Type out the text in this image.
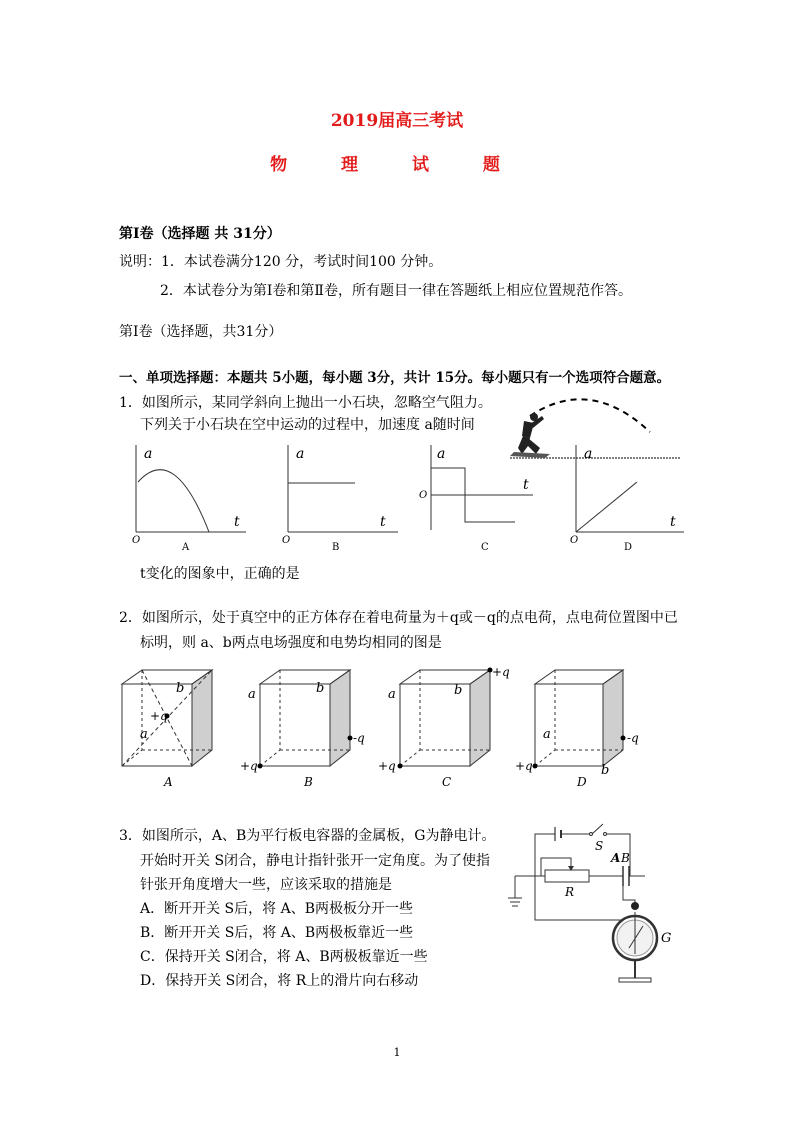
2019届高三考试
物 理 试 题
第Ⅰ卷（选择题 共 31分）
说明：1．本试卷满分120 分，考试时间100 分钟。
2．本试卷分为第Ⅰ卷和第Ⅱ卷，所有题目一律在答题纸上相应位置规范作答。
第Ⅰ卷（选择题，共31分）
一、单项选择题：本题共 5小题，每小题 3分，共计 15分。每小题只有一个选项符合题意。
1．如图所示，某同学斜向上抛出一小石块，忽略空气阻力。
下列关于小石块在空中运动的过程中，加速度 a随时间
a
t
O
A
a
t
O
B
a
t
O
C
a
t
O
D
t变化的图象中，正确的是
2．如图所示，处于真空中的正方体存在着电荷量为＋q或－q的点电荷，点电荷位置图中已
标明，则 a、b两点电场强度和电势均相同的图是
b
+q
a
A
a	b
-q
+q
B
+q
a	b
+q
C
a
b
-q
+q
D
3．如图所示，A、B为平行板电容器的金属板，G为静电计。
开始时开关 S闭合，静电计指针张开一定角度。为了使指
针张开角度增大一些，应该采取的措施是
A．断开开关 S后，将 A、B两极板分开一些
B．断开开关 S后，将 A、B两极板靠近一些
C．保持开关 S闭合，将 A、B两极板靠近一些
D．保持开关 S闭合，将 R上的滑片向右移动
S
R
A B
G
1
